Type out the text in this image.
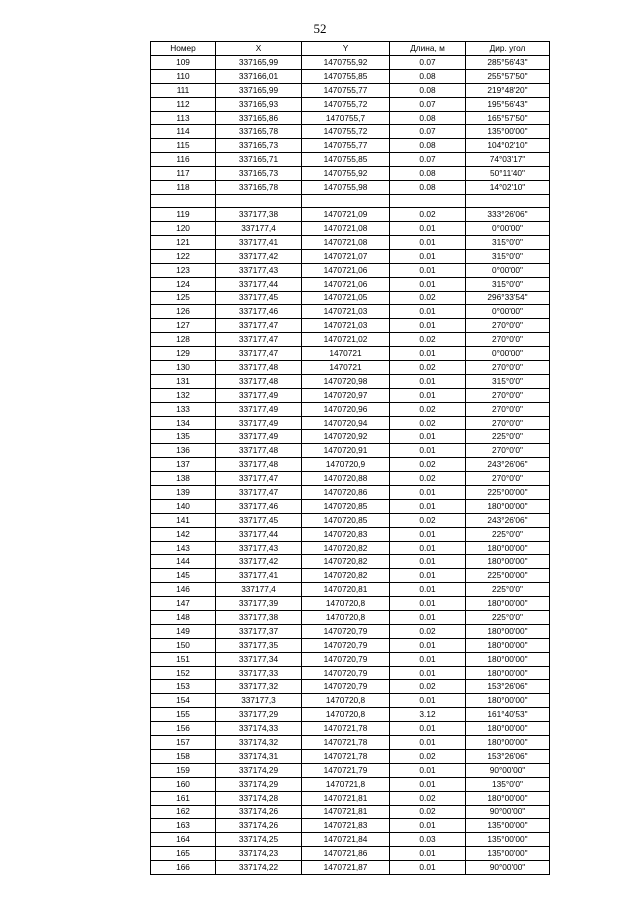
52
Номер	X	Y	Длина, м	Дир. угол
109	337165,99	1470755,92	0.07	285°56'43"
110	337166,01	1470755,85	0.08	255°57'50"
111	337165,99	1470755,77	0.08	219°48'20"
112	337165,93	1470755,72	0.07	195°56'43"
113	337165,86	1470755,7	0.08	165°57'50"
114	337165,78	1470755,72	0.07	135°00'00"
115	337165,73	1470755,77	0.08	104°02'10"
116	337165,71	1470755,85	0.07	74°03'17"
117	337165,73	1470755,92	0.08	50°11'40"
118	337165,78	1470755,98	0.08	14°02'10"

119	337177,38	1470721,09	0.02	333°26'06"
120	337177,4	1470721,08	0.01	0°00'00"
121	337177,41	1470721,08	0.01	315°0'0"
122	337177,42	1470721,07	0.01	315°0'0"
123	337177,43	1470721,06	0.01	0°00'00"
124	337177,44	1470721,06	0.01	315°0'0"
125	337177,45	1470721,05	0.02	296°33'54"
126	337177,46	1470721,03	0.01	0°00'00"
127	337177,47	1470721,03	0.01	270°0'0"
128	337177,47	1470721,02	0.02	270°0'0"
129	337177,47	1470721	0.01	0°00'00"
130	337177,48	1470721	0.02	270°0'0"
131	337177,48	1470720,98	0.01	315°0'0"
132	337177,49	1470720,97	0.01	270°0'0"
133	337177,49	1470720,96	0.02	270°0'0"
134	337177,49	1470720,94	0.02	270°0'0"
135	337177,49	1470720,92	0.01	225°0'0"
136	337177,48	1470720,91	0.01	270°0'0"
137	337177,48	1470720,9	0.02	243°26'06"
138	337177,47	1470720,88	0.02	270°0'0"
139	337177,47	1470720,86	0.01	225°00'00"
140	337177,46	1470720,85	0.01	180°00'00"
141	337177,45	1470720,85	0.02	243°26'06"
142	337177,44	1470720,83	0.01	225°0'0"
143	337177,43	1470720,82	0.01	180°00'00"
144	337177,42	1470720,82	0.01	180°00'00"
145	337177,41	1470720,82	0.01	225°00'00"
146	337177,4	1470720,81	0.01	225°0'0"
147	337177,39	1470720,8	0.01	180°00'00"
148	337177,38	1470720,8	0.01	225°0'0"
149	337177,37	1470720,79	0.02	180°00'00"
150	337177,35	1470720,79	0.01	180°00'00"
151	337177,34	1470720,79	0.01	180°00'00"
152	337177,33	1470720,79	0.01	180°00'00"
153	337177,32	1470720,79	0.02	153°26'06"
154	337177,3	1470720,8	0.01	180°00'00"
155	337177,29	1470720,8	3.12	161°40'53"
156	337174,33	1470721,78	0.01	180°00'00"
157	337174,32	1470721,78	0.01	180°00'00"
158	337174,31	1470721,78	0.02	153°26'06"
159	337174,29	1470721,79	0.01	90°00'00"
160	337174,29	1470721,8	0.01	135°0'0"
161	337174,28	1470721,81	0.02	180°00'00"
162	337174,26	1470721,81	0.02	90°00'00"
163	337174,26	1470721,83	0.01	135°00'00"
164	337174,25	1470721,84	0.03	135°00'00"
165	337174,23	1470721,86	0.01	135°00'00"
166	337174,22	1470721,87	0.01	90°00'00"
